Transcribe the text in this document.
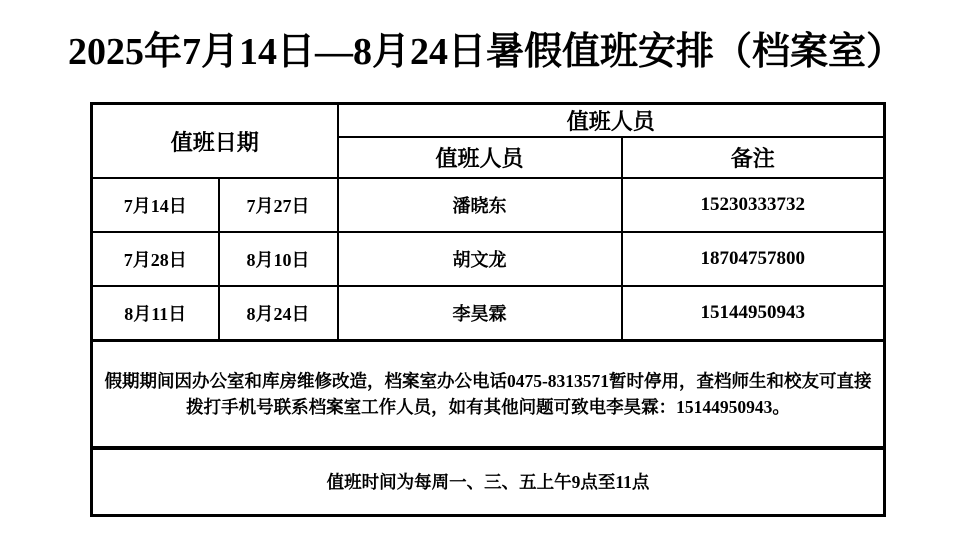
2025年7月14日—8月24日暑假值班安排（档案室）
值班日期		值班人员	
		值班人员	备注
7月14日	7月27日	潘晓东	15230333732
7月28日	8月10日	胡文龙	18704757800
8月11日	8月24日	李昊霖	15144950943

假期期间因办公室和库房维修改造，档案室办公电话0475-8313571暂时停用，查档师生和校友可直接
拨打手机号联系档案室工作人员，如有其他问题可致电李昊霖：15144950943。			

值班时间为每周一、三、五上午9点至11点			
